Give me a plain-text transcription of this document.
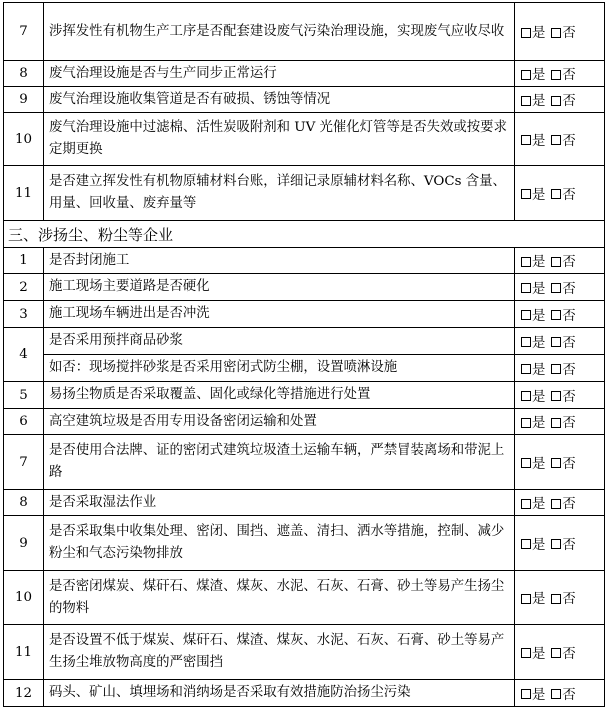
7	涉挥发性有机物生产工序是否配套建设废气污染治理设施，实现废气应收尽收	是 否
8	废气治理设施是否与生产同步正常运行	是 否
9	废气治理设施收集管道是否有破损、锈蚀等情况	是 否
10	废气治理设施中过滤棉、活性炭吸附剂和 UV 光催化灯管等是否失效或按要求定期更换	是 否
11	是否建立挥发性有机物原辅材料台账，详细记录原辅材料名称、VOCs 含量、用量、回收量、废弃量等	是 否
三、涉扬尘、粉尘等企业		
1	是否封闭施工	是 否
2	施工现场主要道路是否硬化	是 否
3	施工现场车辆进出是否冲洗	是 否
4	是否采用预拌商品砂浆	是 否
	如否：现场搅拌砂浆是否采用密闭式防尘棚，设置喷淋设施	是 否
5	易扬尘物质是否采取覆盖、固化或绿化等措施进行处置	是 否
6	高空建筑垃圾是否用专用设备密闭运输和处置	是 否
7	是否使用合法牌、证的密闭式建筑垃圾渣土运输车辆，严禁冒装离场和带泥上路	是 否
8	是否采取湿法作业	是 否
9	是否采取集中收集处理、密闭、围挡、遮盖、清扫、洒水等措施，控制、减少粉尘和气态污染物排放	是 否
10	是否密闭煤炭、煤矸石、煤渣、煤灰、水泥、石灰、石膏、砂土等易产生扬尘的物料	是 否
11	是否设置不低于煤炭、煤矸石、煤渣、煤灰、水泥、石灰、石膏、砂土等易产生扬尘堆放物高度的严密围挡	是 否
12	码头、矿山、填埋场和消纳场是否采取有效措施防治扬尘污染	是 否
